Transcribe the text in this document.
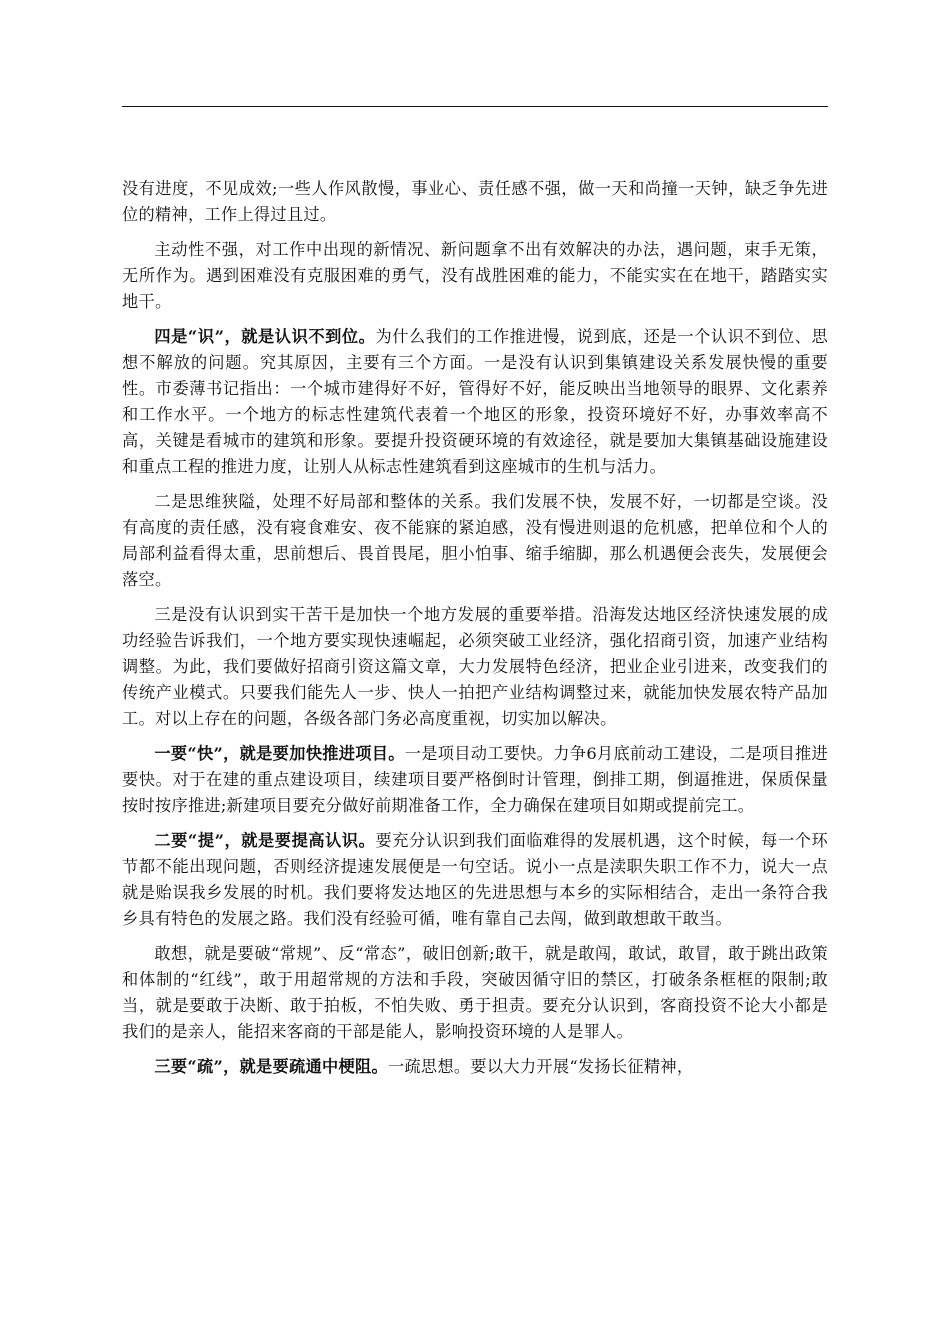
没有进度，不见成效;一些人作风散慢，事业心、责任感不强，做一天和尚撞一天钟，缺乏争先进位的精神，工作上得过且过。

主动性不强，对工作中出现的新情况、新问题拿不出有效解决的办法，遇问题，束手无策，无所作为。遇到困难没有克服困难的勇气，没有战胜困难的能力，不能实实在在地干，踏踏实实地干。

四是“识”，就是认识不到位。为什么我们的工作推进慢，说到底，还是一个认识不到位、思想不解放的问题。究其原因，主要有三个方面。一是没有认识到集镇建设关系发展快慢的重要性。市委薄书记指出：一个城市建得好不好，管得好不好，能反映出当地领导的眼界、文化素养和工作水平。一个地方的标志性建筑代表着一个地区的形象，投资环境好不好，办事效率高不高，关键是看城市的建筑和形象。要提升投资硬环境的有效途径，就是要加大集镇基础设施建设和重点工程的推进力度，让别人从标志性建筑看到这座城市的生机与活力。

二是思维狭隘，处理不好局部和整体的关系。我们发展不快，发展不好，一切都是空谈。没有高度的责任感，没有寝食难安、夜不能寐的紧迫感，没有慢进则退的危机感，把单位和个人的局部利益看得太重，思前想后、畏首畏尾，胆小怕事、缩手缩脚，那么机遇便会丧失，发展便会落空。

三是没有认识到实干苦干是加快一个地方发展的重要举措。沿海发达地区经济快速发展的成功经验告诉我们，一个地方要实现快速崛起，必须突破工业经济，强化招商引资，加速产业结构调整。为此，我们要做好招商引资这篇文章，大力发展特色经济，把业企业引进来，改变我们的传统产业模式。只要我们能先人一步、快人一拍把产业结构调整过来，就能加快发展农特产品加工。对以上存在的问题，各级各部门务必高度重视，切实加以解决。

一要“快”，就是要加快推进项目。一是项目动工要快。力争6月底前动工建设，二是项目推进要快。对于在建的重点建设项目，续建项目要严格倒时计管理，倒排工期，倒逼推进，保质保量按时按序推进;新建项目要充分做好前期准备工作，全力确保在建项目如期或提前完工。

二要“提”，就是要提高认识。要充分认识到我们面临难得的发展机遇，这个时候，每一个环节都不能出现问题，否则经济提速发展便是一句空话。说小一点是渎职失职工作不力，说大一点就是贻误我乡发展的时机。我们要将发达地区的先进思想与本乡的实际相结合，走出一条符合我乡具有特色的发展之路。我们没有经验可循，唯有靠自己去闯，做到敢想敢干敢当。

敢想，就是要破“常规”、反“常态”，破旧创新;敢干，就是敢闯，敢试，敢冒，敢于跳出政策和体制的“红线”，敢于用超常规的方法和手段，突破因循守旧的禁区，打破条条框框的限制;敢当，就是要敢于决断、敢于拍板，不怕失败、勇于担责。要充分认识到，客商投资不论大小都是我们的是亲人，能招来客商的干部是能人，影响投资环境的人是罪人。

三要“疏”，就是要疏通中梗阻。一疏思想。要以大力开展“发扬长征精神，
